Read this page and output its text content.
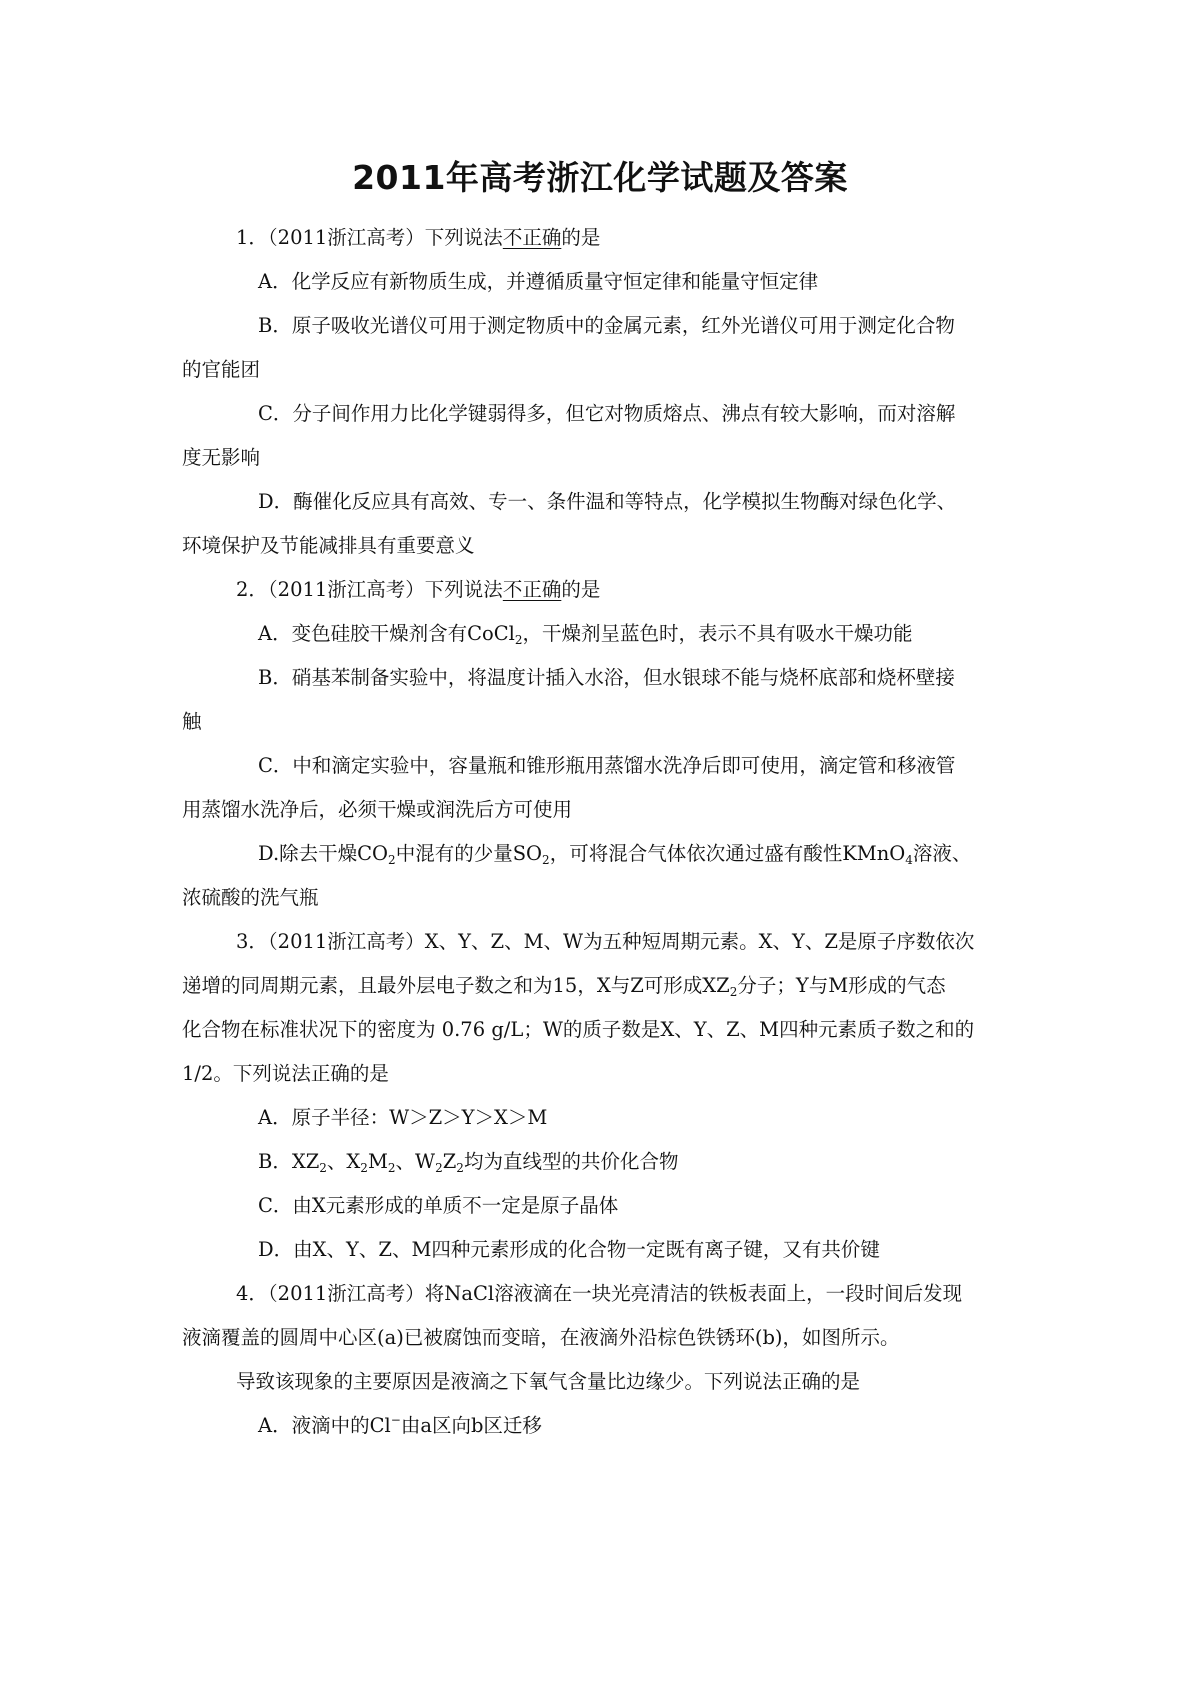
2011年高考浙江化学试题及答案
1．（2011浙江高考）下列说法不正确的是
A．化学反应有新物质生成，并遵循质量守恒定律和能量守恒定律
B．原子吸收光谱仪可用于测定物质中的金属元素，红外光谱仪可用于测定化合物
的官能团
C．分子间作用力比化学键弱得多，但它对物质熔点、沸点有较大影响，而对溶解
度无影响
D．酶催化反应具有高效、专一、条件温和等特点，化学模拟生物酶对绿色化学、
环境保护及节能减排具有重要意义
2．（2011浙江高考）下列说法不正确的是
A．变色硅胶干燥剂含有CoCl$_2$，干燥剂呈蓝色时，表示不具有吸水干燥功能
B．硝基苯制备实验中，将温度计插入水浴，但水银球不能与烧杯底部和烧杯壁接
触
C．中和滴定实验中，容量瓶和锥形瓶用蒸馏水洗净后即可使用，滴定管和移液管
用蒸馏水洗净后，必须干燥或润洗后方可使用
D.除去干燥$CO_2$中混有的少量$SO_2$，可将混合气体依次通过盛有酸性KMnO$_4$溶液、
浓硫酸的洗气瓶
3．（2011浙江高考）X、Y、Z、M、W为五种短周期元素。X、Y、Z是原子序数依次
递增的同周期元素，且最外层电子数之和为15，X与Z可形成$XZ_2$分子；Y与M形成的气态
化合物在标准状况下的密度为 0.76 g/L；W的质子数是X、Y、Z、M四种元素质子数之和的
1/2。下列说法正确的是
A．原子半径：W＞Z＞Y＞X＞M
B．$XZ_2$、$X_2M_2$、$W_2Z_2$均为直线型的共价化合物
C．由X元素形成的单质不一定是原子晶体
D．由X、Y、Z、M四种元素形成的化合物一定既有离子键，又有共价键
4．（2011浙江高考）将NaCl溶液滴在一块光亮清洁的铁板表面上，一段时间后发现
液滴覆盖的圆周中心区(a)已被腐蚀而变暗，在液滴外沿棕色铁锈环(b)，如图所示。
导致该现象的主要原因是液滴之下氧气含量比边缘少。下列说法正确的是
A．液滴中的Cl−由a区向b区迁移
